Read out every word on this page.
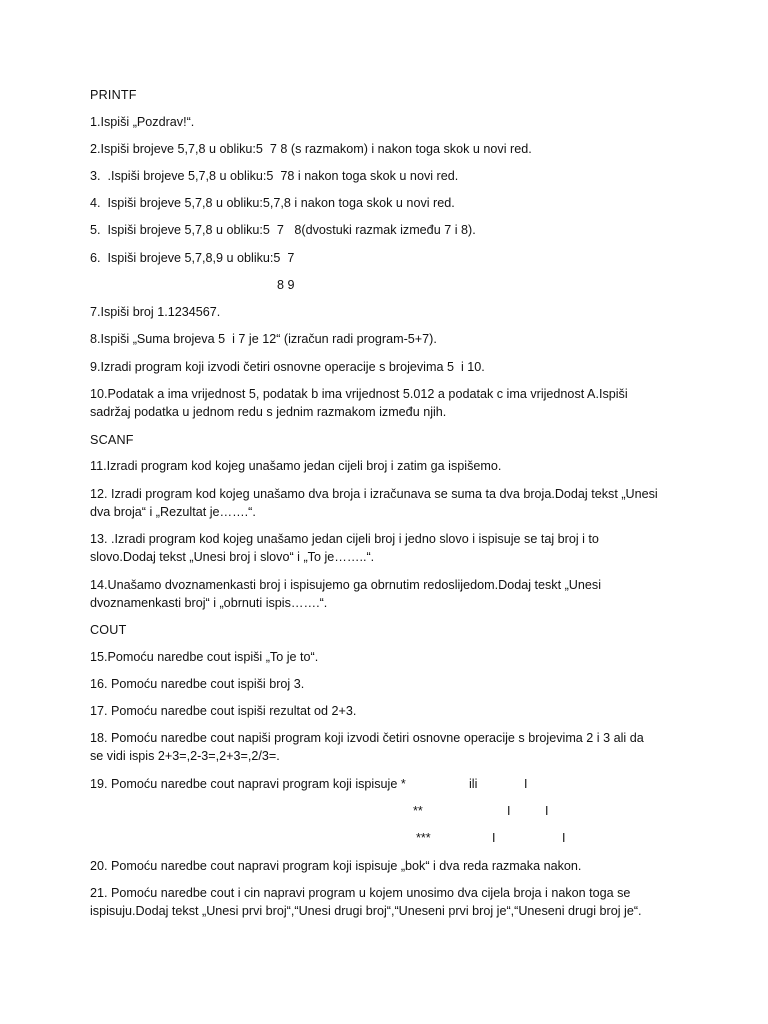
PRINTF
1.Ispiši „Pozdrav!“.
2.Ispiši brojeve 5,7,8 u obliku:5  7 8 (s razmakom) i nakon toga skok u novi red.
3.  .Ispiši brojeve 5,7,8 u obliku:5  78 i nakon toga skok u novi red.
4.  Ispiši brojeve 5,7,8 u obliku:5,7,8 i nakon toga skok u novi red.
5.  Ispiši brojeve 5,7,8 u obliku:5  7   8(dvostuki razmak između 7 i 8).
6.  Ispiši brojeve 5,7,8,9 u obliku:5  7
8 9
7.Ispiši broj 1.1234567.
8.Ispiši „Suma brojeva 5  i 7 je 12“ (izračun radi program-5+7).
9.Izradi program koji izvodi četiri osnovne operacije s brojevima 5  i 10.
10.Podatak a ima vrijednost 5, podatak b ima vrijednost 5.012 a podatak c ima vrijednost A.Ispiši sadržaj podatka u jednom redu s jednim razmakom između njih.
SCANF
11.Izradi program kod kojeg unašamo jedan cijeli broj i zatim ga ispišemo.
12. Izradi program kod kojeg unašamo dva broja i izračunava se suma ta dva broja.Dodaj tekst „Unesi dva broja“ i „Rezultat je…….“.
13. .Izradi program kod kojeg unašamo jedan cijeli broj i jedno slovo i ispisuje se taj broj i to slovo.Dodaj tekst „Unesi broj i slovo“ i „To je……..“.
14.Unašamo dvoznamenkasti broj i ispisujemo ga obrnutim redoslijedom.Dodaj teskt „Unesi dvoznamenkasti broj“ i „obrnuti ispis…….“.
COUT
15.Pomoću naredbe cout ispiši „To je to“.
16. Pomoću naredbe cout ispiši broj 3.
17. Pomoću naredbe cout ispiši rezultat od 2+3.
18. Pomoću naredbe cout napiši program koji izvodi četiri osnovne operacije s brojevima 2 i 3 ali da se vidi ispis 2+3=,2-3=,2+3=,2/3=.
19. Pomoću naredbe cout napravi program koji ispisuje *	ili	I
**	I	I
***	I	I
20. Pomoću naredbe cout napravi program koji ispisuje „bok“ i dva reda razmaka nakon.
21. Pomoću naredbe cout i cin napravi program u kojem unosimo dva cijela broja i nakon toga se ispisuju.Dodaj tekst „Unesi prvi broj“,“Unesi drugi broj“,“Uneseni prvi broj je“,“Uneseni drugi broj je“.
